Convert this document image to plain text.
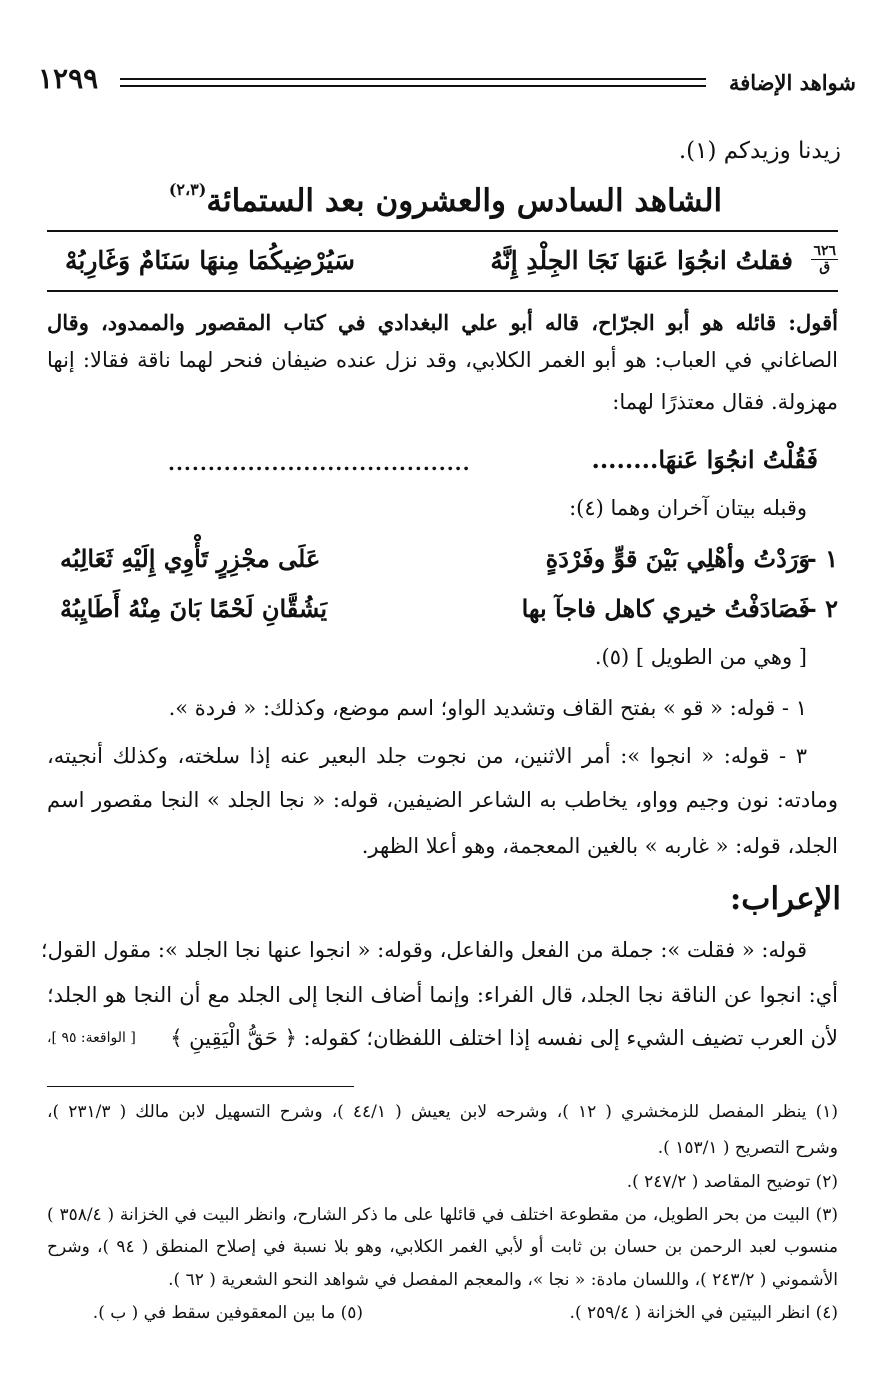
شواهد الإضافة
١٢٩٩
زيدنا وزيدكم (١).
الشاهد السادس والعشرون بعد الستمائة$^{(٢،٣)}$
٦٢٦
ق
فقلتُ انجُوَا عَنهَا نَجَا الجِلْدِ إِنَّهُ
سَيُرْضِيكُمَا مِنهَا سَنَامٌ وَغَارِبُهْ
أقول: قائله هو أبو الجرّاح، قاله أبو علي البغدادي في كتاب المقصور والممدود، وقال
الصاغاني في العباب: هو أبو الغمر الكلابي، وقد نزل عنده ضيفان فنحر لهما ناقة فقالا: إنها
مهزولة. فقال معتذرًا لهما:
فَقُلْتُ انجُوَا عَنهَا........
......................................
وقبله بيتان آخران وهما (٤):
١ -
وَرَدْتُ وأهْلِي بَيْنَ قوٍّ وفَرْدَةٍ
عَلَى مجْزِرٍ تَأْوِي إِلَيْهِ ثَعَالِبُه
٢ -
فَصَادَفْتُ خيري كاهل فاجآ بها
يَشُقَّانِ لَحْمًا بَانَ مِنْهُ أَطَايِبُهْ
[ وهي من الطويل ] (٥).
١ - قوله: « قو » بفتح القاف وتشديد الواو؛ اسم موضع، وكذلك: « فردة ».
٣ - قوله: « انجوا »: أمر الاثنين، من نجوت جلد البعير عنه إذا سلخته، وكذلك أنجيته،
ومادته: نون وجيم وواو، يخاطب به الشاعر الضيفين، قوله: « نجا الجلد » النجا مقصور اسم
الجلد، قوله: « غاربه » بالغين المعجمة، وهو أعلا الظهر.
الإعراب:
قوله: « فقلت »: جملة من الفعل والفاعل، وقوله: « انجوا عنها نجا الجلد »: مقول القول؛
أي: انجوا عن الناقة نجا الجلد، قال الفراء: وإنما أضاف النجا إلى الجلد مع أن النجا هو الجلد؛
لأن العرب تضيف الشيء إلى نفسه إذا اختلف اللفظان؛ كقوله: ﴿ حَقُّ الْيَقِينِ ﴾
[ الواقعة: ٩٥ ]،
(١) ينظر المفصل للزمخشري ( ١٢ )، وشرحه لابن يعيش ( ٤٤/١ )، وشرح التسهيل لابن مالك ( ٢٣١/٣ )،
وشرح التصريح ( ١٥٣/١ ).
(٢) توضيح المقاصد ( ٢٤٧/٢ ).
(٣) البيت من بحر الطويل، من مقطوعة اختلف في قائلها على ما ذكر الشارح، وانظر البيت في الخزانة ( ٣٥٨/٤ )
منسوب لعبد الرحمن بن حسان بن ثابت أو لأبي الغمر الكلابي، وهو بلا نسبة في إصلاح المنطق ( ٩٤ )، وشرح
الأشموني ( ٢٤٣/٢ )، واللسان مادة: « نجا »، والمعجم المفصل في شواهد النحو الشعرية ( ٦٢ ).
(٤) انظر البيتين في الخزانة ( ٢٥٩/٤ ).
(٥) ما بين المعقوفين سقط في ( ب ).
